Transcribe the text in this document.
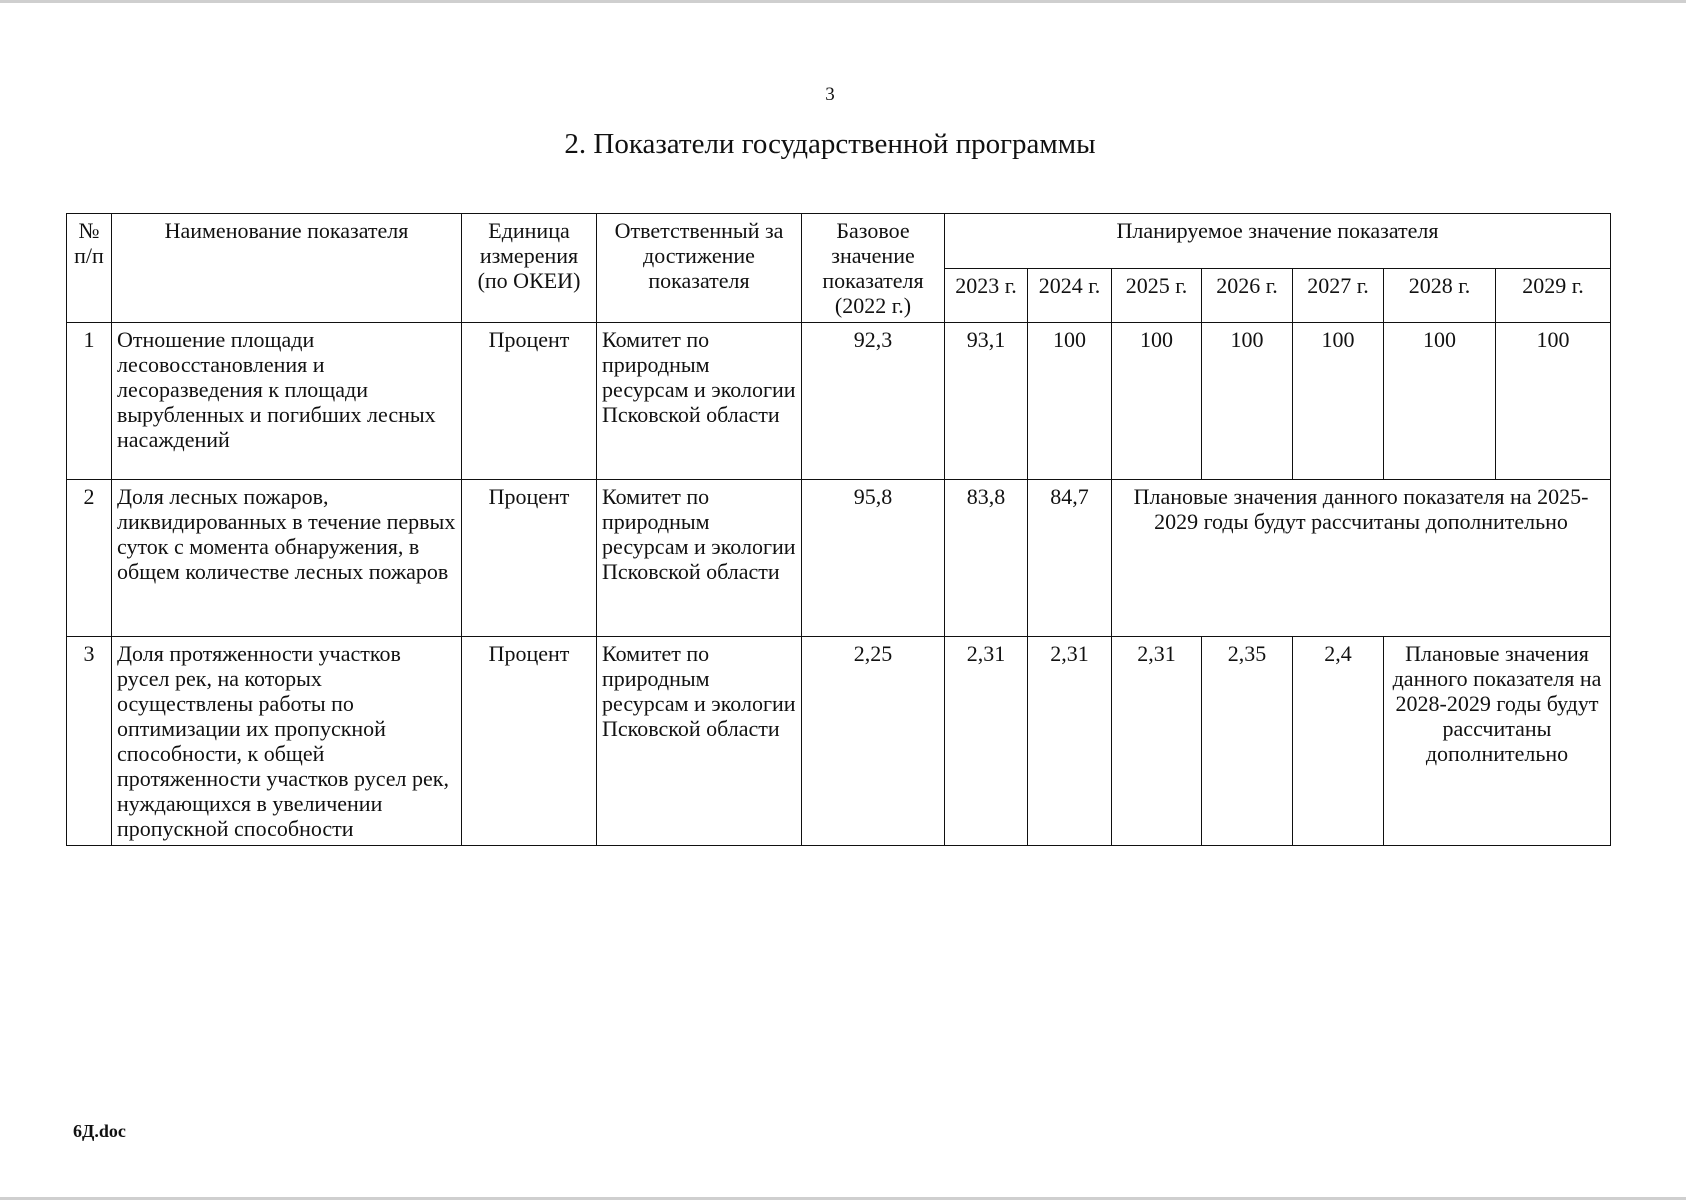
3
2. Показатели государственной программы
№ п/п	Наименование показателя	Единица измерения (по ОКЕИ)	Ответственный за достижение показателя	Базовое значение показателя (2022 г.)	Планируемое значение показателя						
					2023 г.	2024 г.	2025 г.	2026 г.	2027 г.	2028 г.	2029 г.
1	Отношение площади лесовосстановления и лесоразведения к площади вырубленных и погибших лесных насаждений	Процент	Комитет по природным ресурсам и экологии Псковской области	92,3	93,1	100	100	100	100	100	100
2	Доля лесных пожаров, ликвидированных в течение первых суток с момента обнаружения, в общем количестве лесных пожаров	Процент	Комитет по природным ресурсам и экологии Псковской области	95,8	83,8	84,7	Плановые значения данного показателя на 2025-2029 годы будут рассчитаны дополнительно				
3	Доля протяженности участков русел рек, на которых осуществлены работы по оптимизации их пропускной способности, к общей протяженности участков русел рек, нуждающихся в увеличении пропускной способности	Процент	Комитет по природным ресурсам и экологии Псковской области	2,25	2,31	2,31	2,31	2,35	2,4	Плановые значения данного показателя на 2028-2029 годы будут рассчитаны дополнительно	
6Д.doc
